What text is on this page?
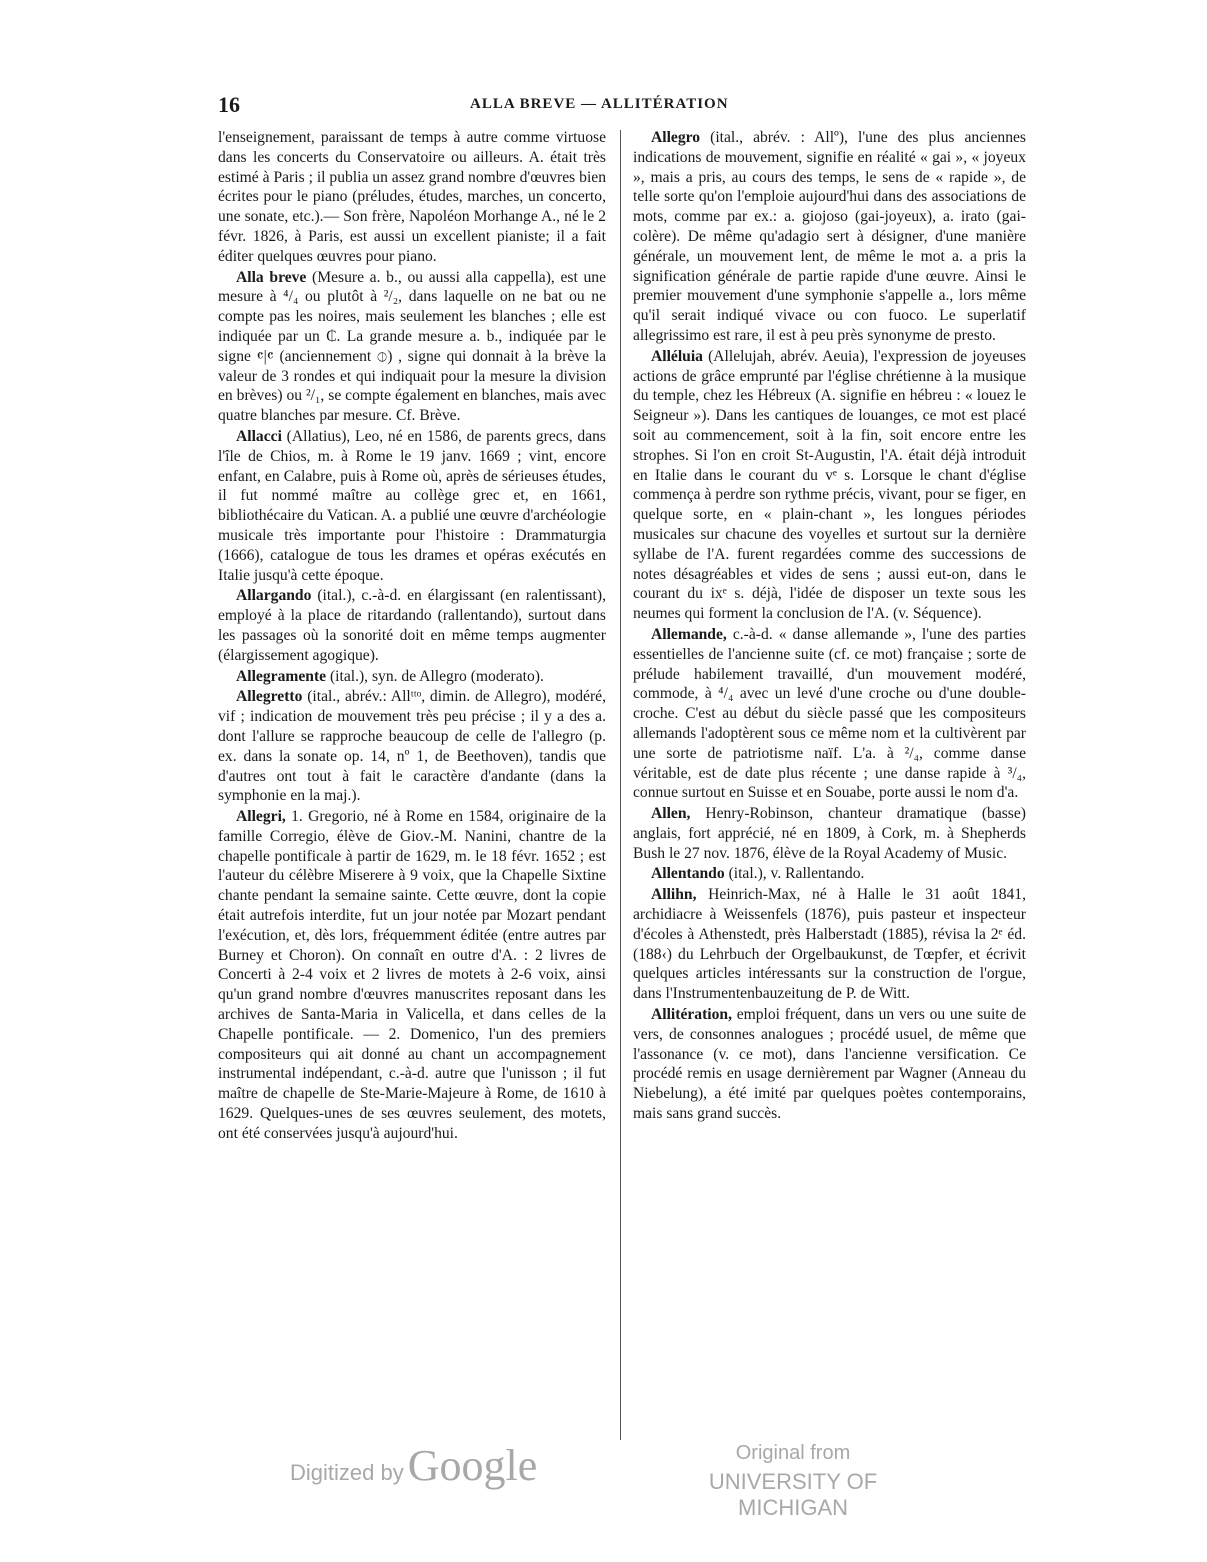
16	ALLA BREVE — ALLITÉRATION

l'enseignement, paraissant de temps à autre comme virtuose dans les concerts du Conservatoire ou ailleurs. A. était très estimé à Paris ; il publia un assez grand nombre d'œuvres bien écrites pour le piano (préludes, études, marches, un concerto, une sonate, etc.).— Son frère, Napoléon Morhange A., né le 2 févr. 1826, à Paris, est aussi un excellent pianiste; il a fait éditer quelques œuvres pour piano.

Alla breve (Mesure a. b., ou aussi alla cappella), est une mesure à ⁴/₄ ou plutôt à ²/₂, dans laquelle on ne bat ou ne compte pas les noires, mais seulement les blanches ; elle est indiquée par un ₵. La grande mesure a. b., indiquée par le signe 𝄴|𝄴 (anciennement ⦶) , signe qui donnait à la brève la valeur de 3 rondes et qui indiquait pour la mesure la division en brèves) ou ²/₁, se compte également en blanches, mais avec quatre blanches par mesure. Cf. Brève.

Allacci (Allatius), Leo, né en 1586, de parents grecs, dans l'île de Chios, m. à Rome le 19 janv. 1669 ; vint, encore enfant, en Calabre, puis à Rome où, après de sérieuses études, il fut nommé maître au collège grec et, en 1661, bibliothécaire du Vatican. A. a publié une œuvre d'archéologie musicale très importante pour l'histoire : Drammaturgia (1666), catalogue de tous les drames et opéras exécutés en Italie jusqu'à cette époque.

Allargando (ital.), c.-à-d. en élargissant (en ralentissant), employé à la place de ritardando (rallentando), surtout dans les passages où la sonorité doit en même temps augmenter (élargissement agogique).

Allegramente (ital.), syn. de Allegro (moderato).

Allegretto (ital., abrév.: Allᵗᵗᵒ, dimin. de Allegro), modéré, vif ; indication de mouvement très peu précise ; il y a des a. dont l'allure se rapproche beaucoup de celle de l'allegro (p. ex. dans la sonate op. 14, nº 1, de Beethoven), tandis que d'autres ont tout à fait le caractère d'andante (dans la symphonie en la maj.).

Allegri, 1. Gregorio, né à Rome en 1584, originaire de la famille Corregio, élève de Giov.-M. Nanini, chantre de la chapelle pontificale à partir de 1629, m. le 18 févr. 1652 ; est l'auteur du célèbre Miserere à 9 voix, que la Chapelle Sixtine chante pendant la semaine sainte. Cette œuvre, dont la copie était autrefois interdite, fut un jour notée par Mozart pendant l'exécution, et, dès lors, fréquemment éditée (entre autres par Burney et Choron). On connaît en outre d'A. : 2 livres de Concerti à 2-4 voix et 2 livres de motets à 2-6 voix, ainsi qu'un grand nombre d'œuvres manuscrites reposant dans les archives de Santa-Maria in Valicella, et dans celles de la Chapelle pontificale. — 2. Domenico, l'un des premiers compositeurs qui ait donné au chant un accompagnement instrumental indépendant, c.-à-d. autre que l'unisson ; il fut maître de chapelle de Ste-Marie-Majeure à Rome, de 1610 à 1629. Quelques-unes de ses œuvres seulement, des motets, ont été conservées jusqu'à aujourd'hui.

Allegro (ital., abrév. : Allº), l'une des plus anciennes indications de mouvement, signifie en réalité « gai », « joyeux », mais a pris, au cours des temps, le sens de « rapide », de telle sorte qu'on l'emploie aujourd'hui dans des associations de mots, comme par ex.: a. giojoso (gai-joyeux), a. irato (gai-colère). De même qu'adagio sert à désigner, d'une manière générale, un mouvement lent, de même le mot a. a pris la signification générale de partie rapide d'une œuvre. Ainsi le premier mouvement d'une symphonie s'appelle a., lors même qu'il serait indiqué vivace ou con fuoco. Le superlatif allegrissimo est rare, il est à peu près synonyme de presto.

Alléluia (Allelujah, abrév. Aeuia), l'expression de joyeuses actions de grâce emprunté par l'église chrétienne à la musique du temple, chez les Hébreux (A. signifie en hébreu : « louez le Seigneur »). Dans les cantiques de louanges, ce mot est placé soit au commencement, soit à la fin, soit encore entre les strophes. Si l'on en croit St-Augustin, l'A. était déjà introduit en Italie dans le courant du vᵉ s. Lorsque le chant d'église commença à perdre son rythme précis, vivant, pour se figer, en quelque sorte, en « plain-chant », les longues périodes musicales sur chacune des voyelles et surtout sur la dernière syllabe de l'A. furent regardées comme des successions de notes désagréables et vides de sens ; aussi eut-on, dans le courant du ixᵉ s. déjà, l'idée de disposer un texte sous les neumes qui forment la conclusion de l'A. (v. Séquence).

Allemande, c.-à-d. « danse allemande », l'une des parties essentielles de l'ancienne suite (cf. ce mot) française ; sorte de prélude habilement travaillé, d'un mouvement modéré, commode, à ⁴/₄ avec un levé d'une croche ou d'une double-croche. C'est au début du siècle passé que les compositeurs allemands l'adoptèrent sous ce même nom et la cultivèrent par une sorte de patriotisme naïf. L'a. à ²/₄, comme danse véritable, est de date plus récente ; une danse rapide à ³/₄, connue surtout en Suisse et en Souabe, porte aussi le nom d'a.

Allen, Henry-Robinson, chanteur dramatique (basse) anglais, fort apprécié, né en 1809, à Cork, m. à Shepherds Bush le 27 nov. 1876, élève de la Royal Academy of Music.

Allentando (ital.), v. Rallentando.

Allihn, Heinrich-Max, né à Halle le 31 août 1841, archidiacre à Weissenfels (1876), puis pasteur et inspecteur d'écoles à Athenstedt, près Halberstadt (1885), révisa la 2ᵉ éd. (188‹) du Lehrbuch der Orgelbaukunst, de Tœpfer, et écrivit quelques articles intéressants sur la construction de l'orgue, dans l'Instrumentenbauzeitung de P. de Witt.

Allitération, emploi fréquent, dans un vers ou une suite de vers, de consonnes analogues ; procédé usuel, de même que l'assonance (v. ce mot), dans l'ancienne versification. Ce procédé remis en usage dernièrement par Wagner (Anneau du Niebelung), a été imité par quelques poètes contemporains, mais sans grand succès.

Digitized byGoogle	Original from
UNIVERSITY OF MICHIGAN
